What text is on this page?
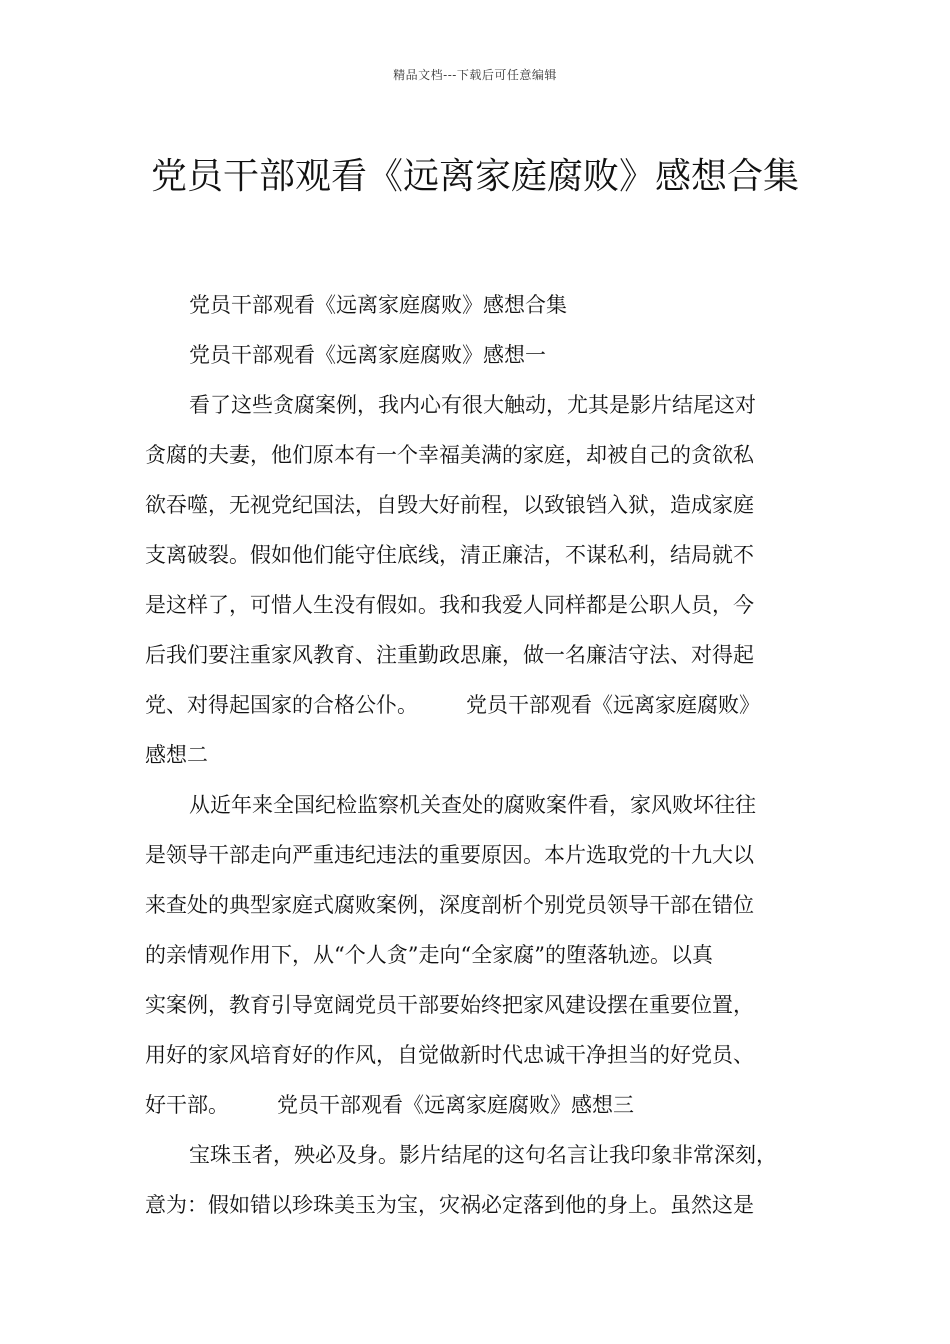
精品文档---下载后可任意编辑
党员干部观看《远离家庭腐败》感想合集
党员干部观看《远离家庭腐败》感想合集
党员干部观看《远离家庭腐败》感想一
看了这些贪腐案例，我内心有很大触动，尤其是影片结尾这对
贪腐的夫妻，他们原本有一个幸福美满的家庭，却被自己的贪欲私
欲吞噬，无视党纪国法，自毁大好前程，以致锒铛入狱，造成家庭
支离破裂。假如他们能守住底线，清正廉洁，不谋私利，结局就不
是这样了，可惜人生没有假如。我和我爱人同样都是公职人员，今
后我们要注重家风教育、注重勤政思廉，做一名廉洁守法、对得起
党、对得起国家的合格公仆。 党员干部观看《远离家庭腐败》
感想二
从近年来全国纪检监察机关查处的腐败案件看，家风败坏往往
是领导干部走向严重违纪违法的重要原因。本片选取党的十九大以
来查处的典型家庭式腐败案例，深度剖析个别党员领导干部在错位
的亲情观作用下，从“个人贪”走向“全家腐”的堕落轨迹。以真
实案例，教育引导宽阔党员干部要始终把家风建设摆在重要位置，
用好的家风培育好的作风，自觉做新时代忠诚干净担当的好党员、
好干部。 党员干部观看《远离家庭腐败》感想三
宝珠玉者，殃必及身。影片结尾的这句名言让我印象非常深刻，
意为：假如错以珍珠美玉为宝，灾祸必定落到他的身上。虽然这是
